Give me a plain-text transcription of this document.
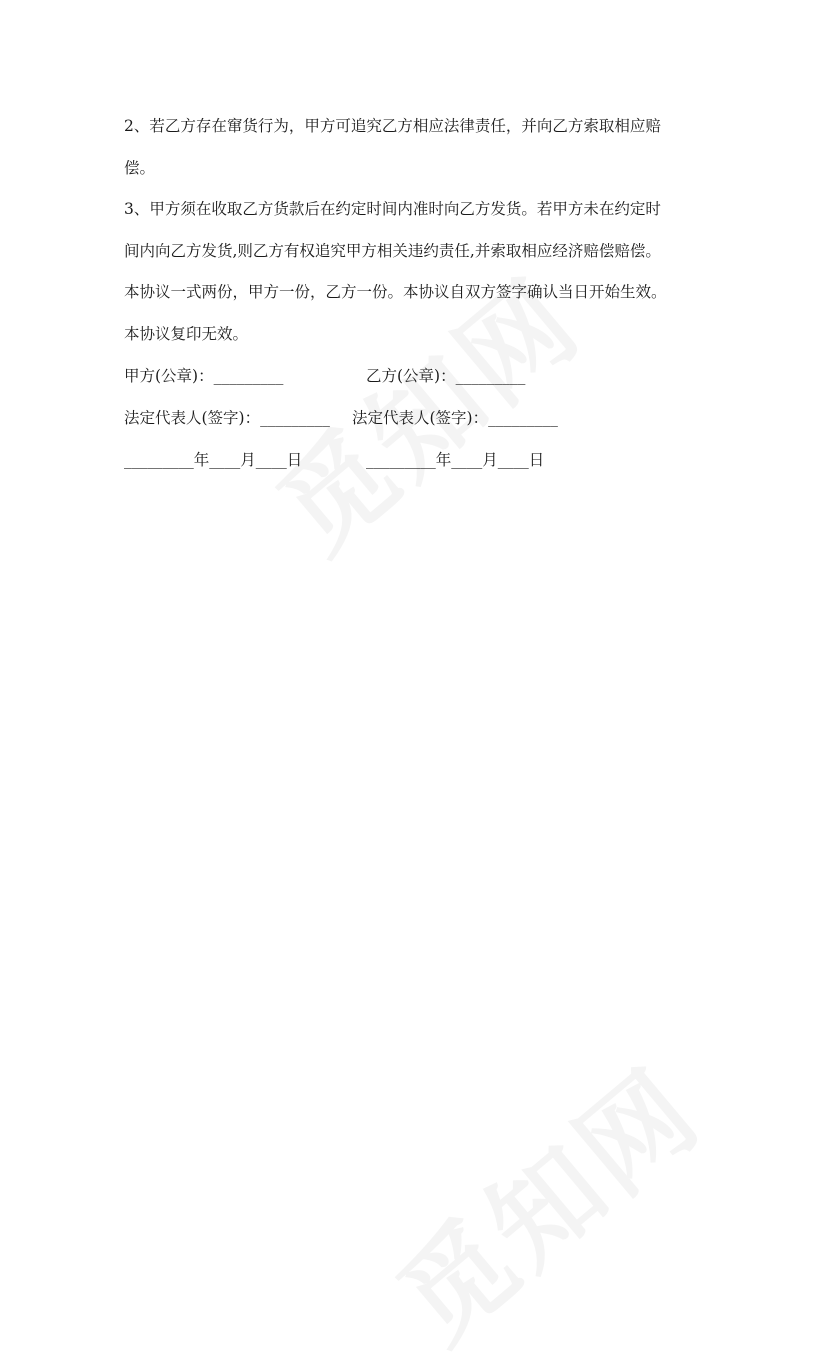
2、若乙方存在窜货行为，甲方可追究乙方相应法律责任，并向乙方索取相应赔
偿。
3、甲方须在收取乙方货款后在约定时间内准时向乙方发货。若甲方未在约定时
间内向乙方发货,则乙方有权追究甲方相关违约责任,并索取相应经济赔偿赔偿。
本协议一式两份，甲方一份，乙方一份。本协议自双方签字确认当日开始生效。
本协议复印无效。
甲方(公章)：_________	乙方(公章)：_________
法定代表人(签字)：_________ 法定代表人(签字)：_________
_________年____月____日	_________年____月____日
